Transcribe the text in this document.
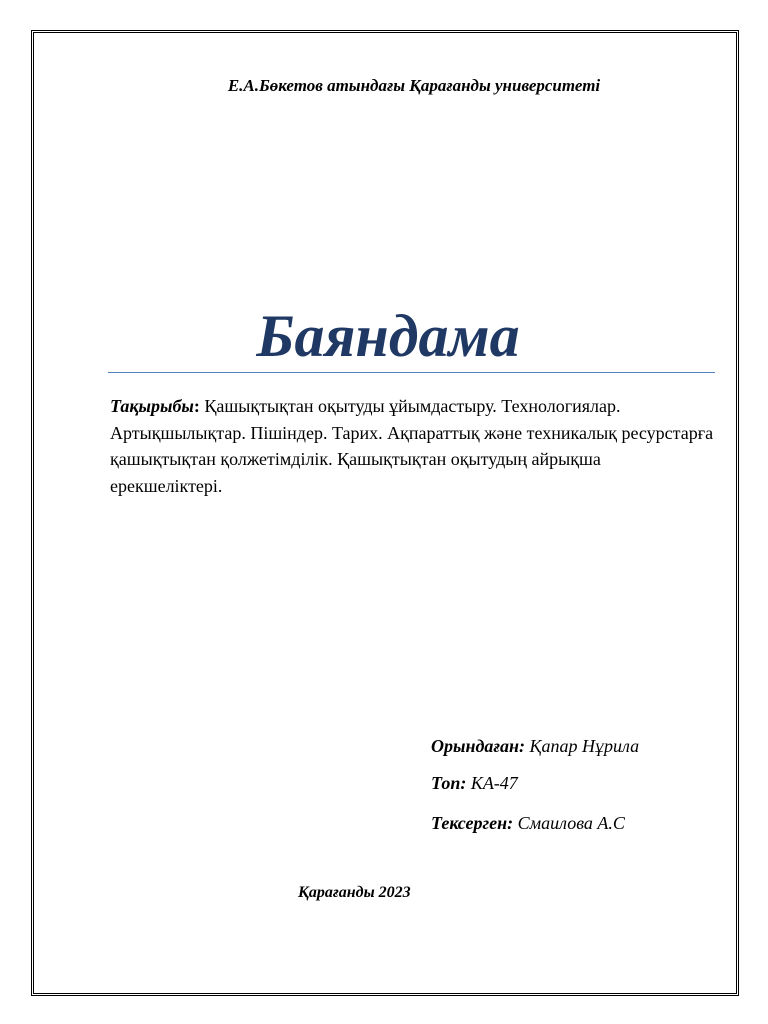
Е.А.Бөкетов атындағы Қарағанды университеті
Баяндама
Тақырыбы: Қашықтықтан оқытуды ұйымдастыру. Технологиялар. Артықшылықтар. Пішіндер. Тарих. Ақпараттық және техникалық ресурстарға қашықтықтан қолжетімділік. Қашықтықтан оқытудың айрықша ерекшеліктері.
Орындаған: Қапар Нұрила
Топ: КА-47
Тексерген: Смаилова А.С
Қарағанды 2023
